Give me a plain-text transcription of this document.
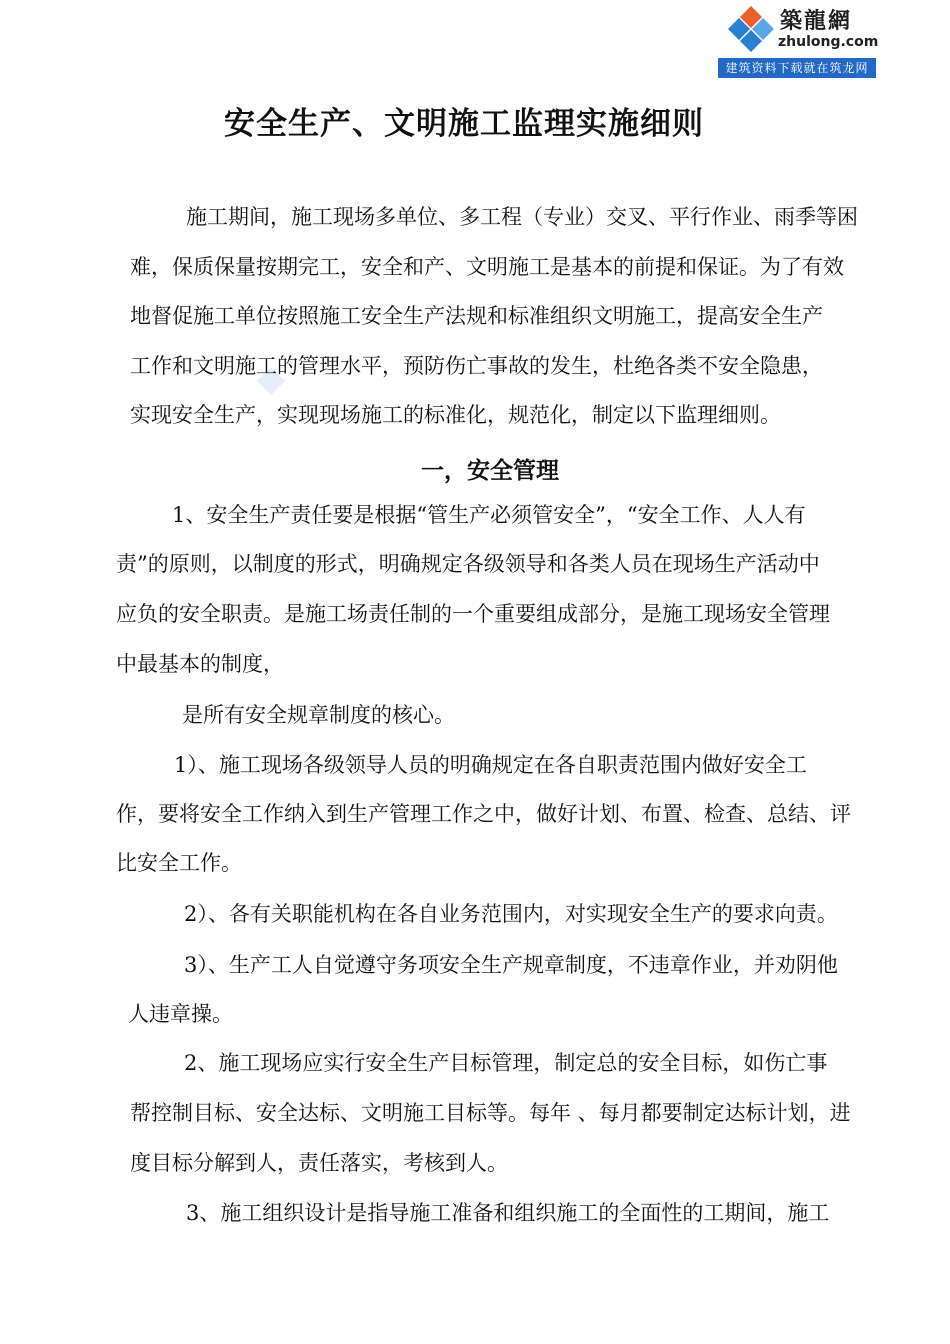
築龍網
zhulong.com
建筑资料下载就在筑龙网
安全生产、文明施工监理实施细则
施工期间，施工现场多单位、多工程（专业）交叉、平行作业、雨季等困
难，保质保量按期完工，安全和产、文明施工是基本的前提和保证。为了有效
地督促施工单位按照施工安全生产法规和标准组织文明施工，提高安全生产
工作和文明施工的管理水平，预防伤亡事故的发生，杜绝各类不安全隐患，
实现安全生产，实现现场施工的标准化，规范化，制定以下监理细则。
一，安全管理
1、安全生产责任要是根据“管生产必须管安全”，“安全工作、人人有
责”的原则，以制度的形式，明确规定各级领导和各类人员在现场生产活动中
应负的安全职责。是施工场责任制的一个重要组成部分，是施工现场安全管理
中最基本的制度，
是所有安全规章制度的核心。
1）、施工现场各级领导人员的明确规定在各自职责范围内做好安全工
作，要将安全工作纳入到生产管理工作之中，做好计划、布置、检查、总结、评
比安全工作。
2）、各有关职能机构在各自业务范围内，对实现安全生产的要求向责。
3）、生产工人自觉遵守务项安全生产规章制度，不违章作业，并劝阴他
人违章操。
2、施工现场应实行安全生产目标管理，制定总的安全目标，如伤亡事
帮控制目标、安全达标、文明施工目标等。每年 、每月都要制定达标计划，进
度目标分解到人，责任落实，考核到人。
3、施工组织设计是指导施工准备和组织施工的全面性的工期间，施工
